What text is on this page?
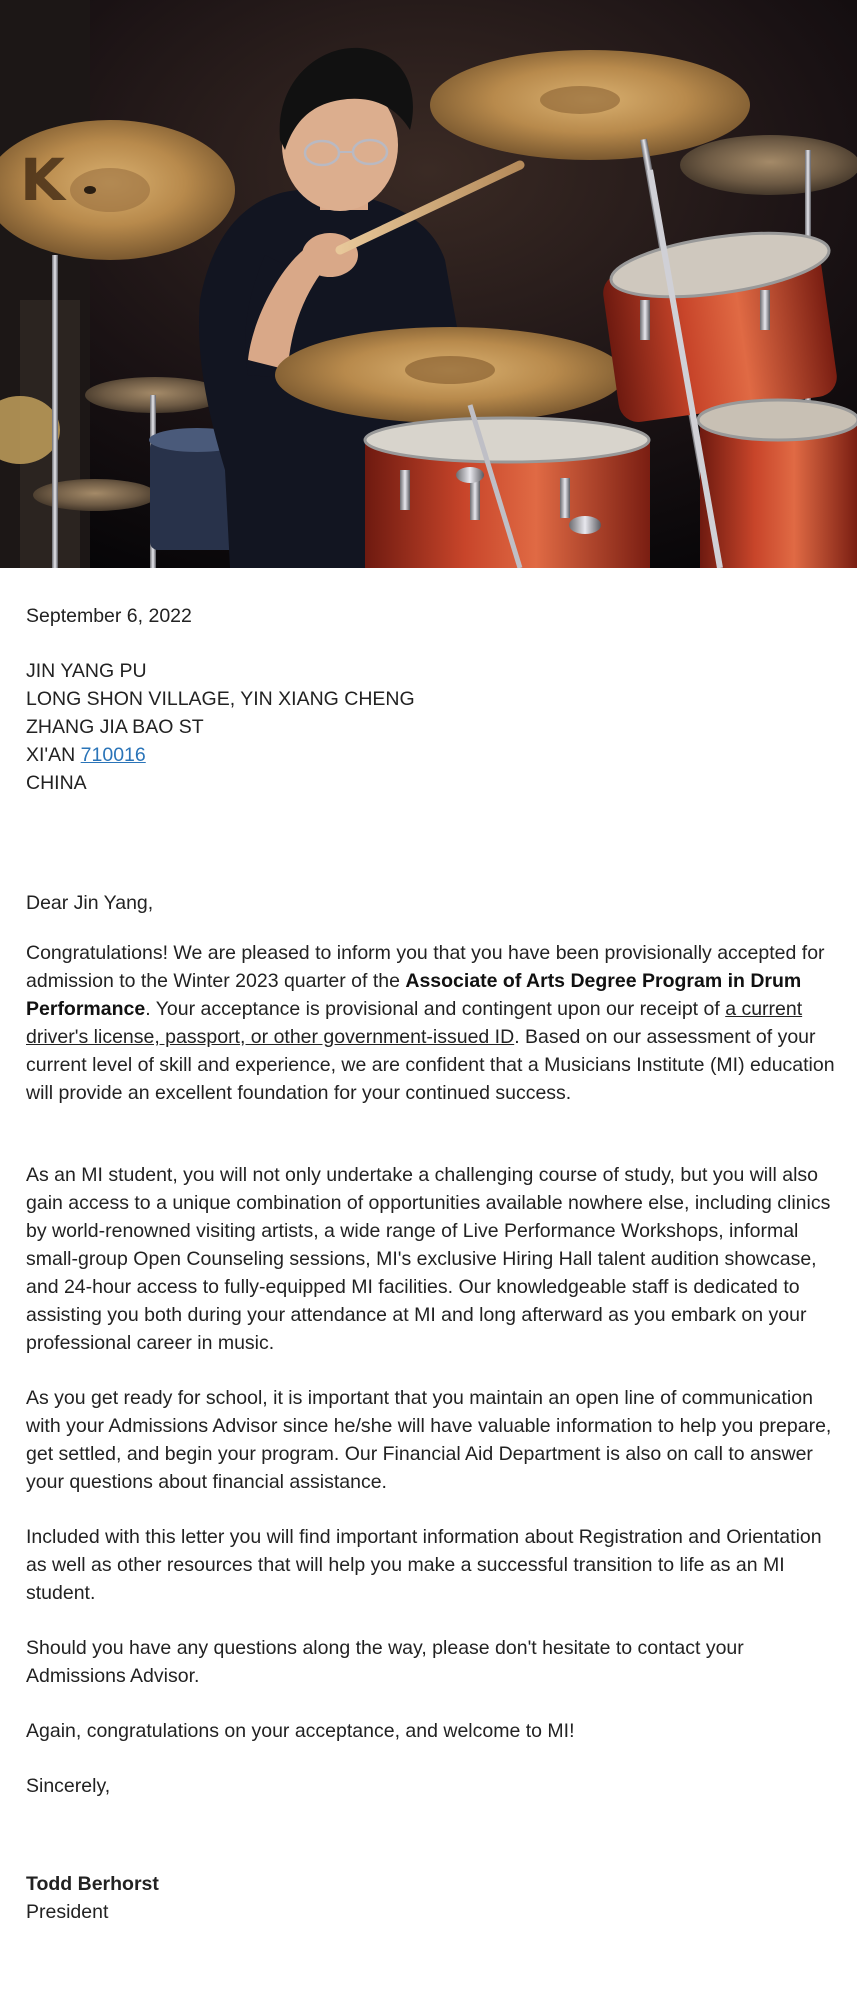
K

September 6, 2022

JIN YANG PU
LONG SHON VILLAGE, YIN XIANG CHENG
ZHANG JIA BAO ST
XI'AN 710016
CHINA

Dear Jin Yang,

Congratulations! We are pleased to inform you that you have been provisionally accepted for admission to the Winter 2023 quarter of the Associate of Arts Degree Program in Drum Performance. Your acceptance is provisional and contingent upon our receipt of a current driver's license, passport, or other government-issued ID. Based on our assessment of your current level of skill and experience, we are confident that a Musicians Institute (MI) education will provide an excellent foundation for your continued success.

As an MI student, you will not only undertake a challenging course of study, but you will also gain access to a unique combination of opportunities available nowhere else, including clinics by world-renowned visiting artists, a wide range of Live Performance Workshops, informal small-group Open Counseling sessions, MI's exclusive Hiring Hall talent audition showcase, and 24-hour access to fully-equipped MI facilities. Our knowledgeable staff is dedicated to assisting you both during your attendance at MI and long afterward as you embark on your professional career in music.

As you get ready for school, it is important that you maintain an open line of communication with your Admissions Advisor since he/she will have valuable information to help you prepare, get settled, and begin your program. Our Financial Aid Department is also on call to answer your questions about financial assistance.

Included with this letter you will find important information about Registration and Orientation as well as other resources that will help you make a successful transition to life as an MI student.

Should you have any questions along the way, please don't hesitate to contact your Admissions Advisor.

Again, congratulations on your acceptance, and welcome to MI!

Sincerely,

Todd Berhorst

President
